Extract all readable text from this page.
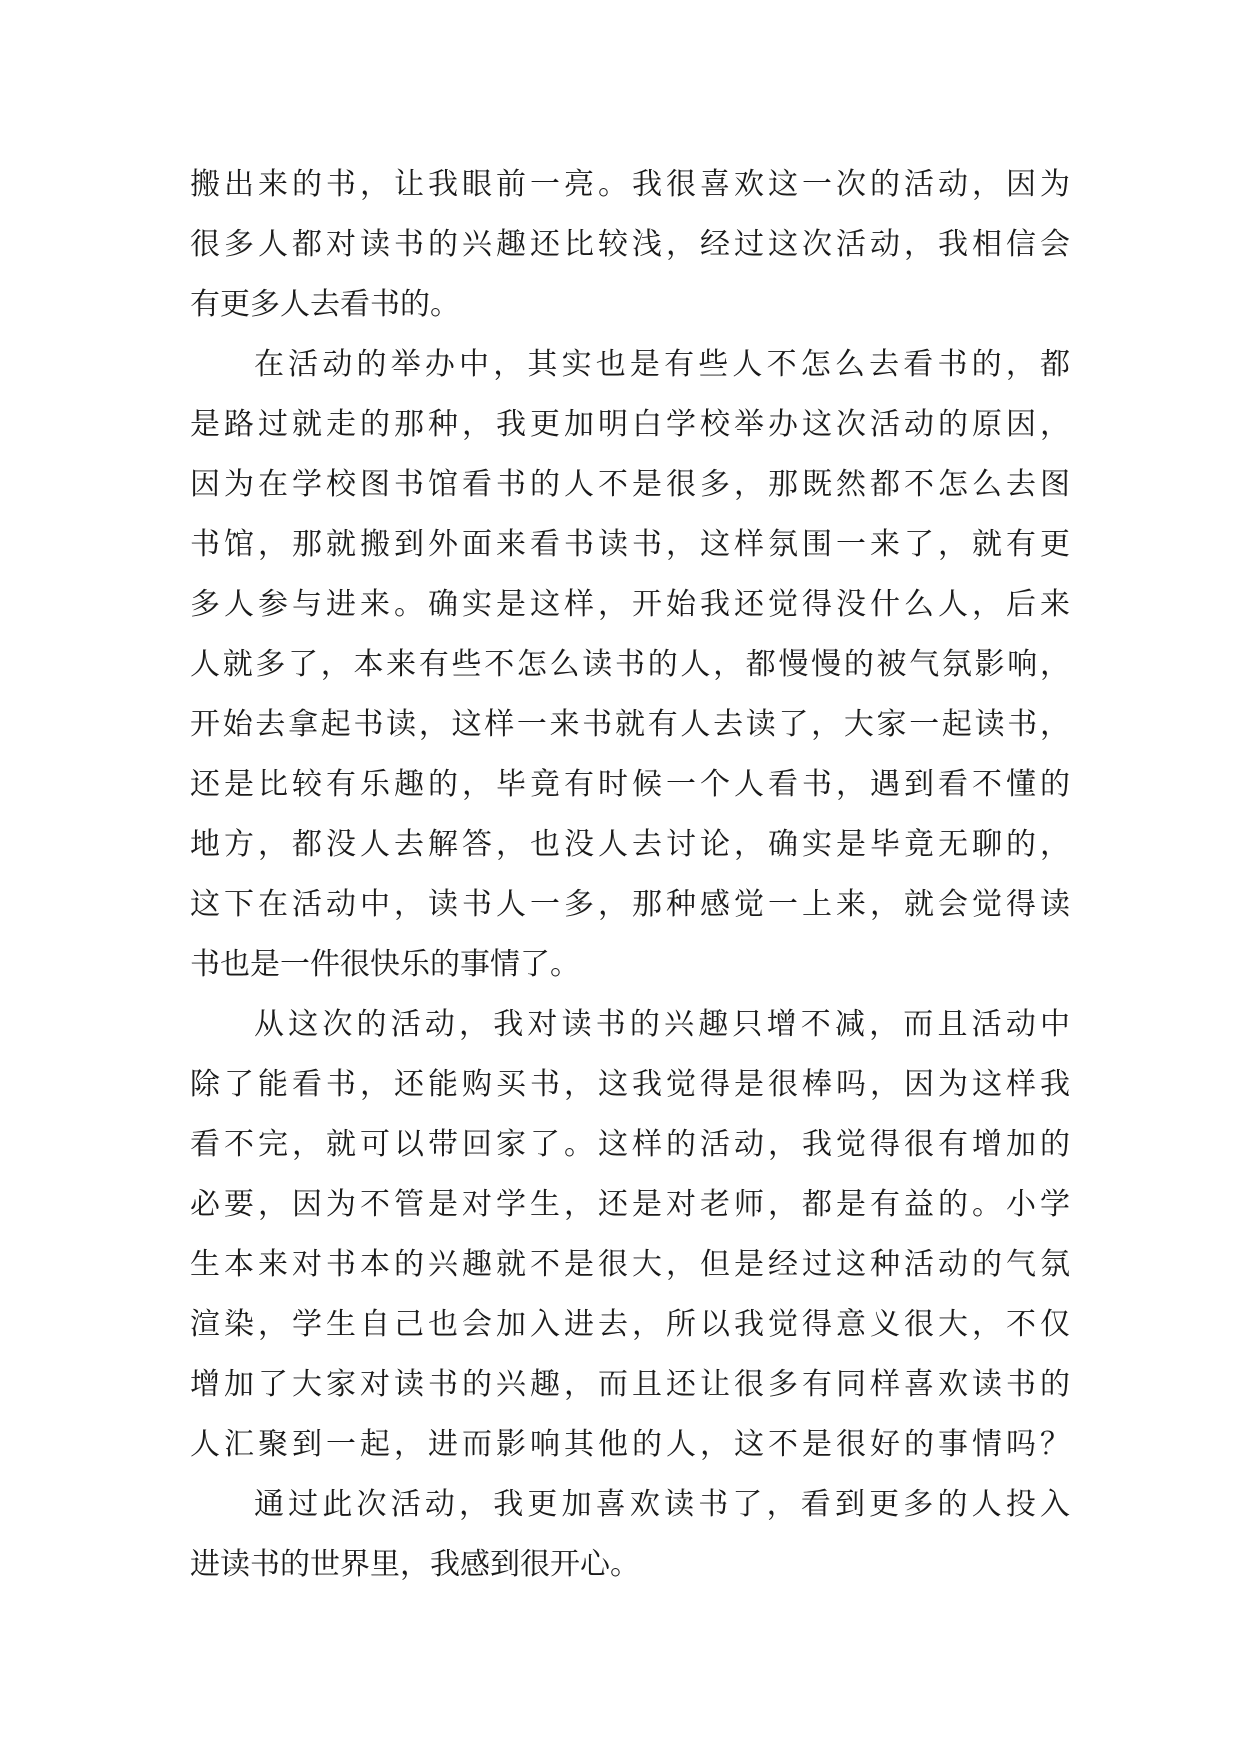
搬出来的书，让我眼前一亮。我很喜欢这一次的活动，因为
很多人都对读书的兴趣还比较浅，经过这次活动，我相信会
有更多人去看书的。
在活动的举办中，其实也是有些人不怎么去看书的，都
是路过就走的那种，我更加明白学校举办这次活动的原因，
因为在学校图书馆看书的人不是很多，那既然都不怎么去图
书馆，那就搬到外面来看书读书，这样氛围一来了，就有更
多人参与进来。确实是这样，开始我还觉得没什么人，后来
人就多了，本来有些不怎么读书的人，都慢慢的被气氛影响，
开始去拿起书读，这样一来书就有人去读了，大家一起读书，
还是比较有乐趣的，毕竟有时候一个人看书，遇到看不懂的
地方，都没人去解答，也没人去讨论，确实是毕竟无聊的，
这下在活动中，读书人一多，那种感觉一上来，就会觉得读
书也是一件很快乐的事情了。
从这次的活动，我对读书的兴趣只增不减，而且活动中
除了能看书，还能购买书，这我觉得是很棒吗，因为这样我
看不完，就可以带回家了。这样的活动，我觉得很有增加的
必要，因为不管是对学生，还是对老师，都是有益的。小学
生本来对书本的兴趣就不是很大，但是经过这种活动的气氛
渲染，学生自己也会加入进去，所以我觉得意义很大，不仅
增加了大家对读书的兴趣，而且还让很多有同样喜欢读书的
人汇聚到一起，进而影响其他的人，这不是很好的事情吗？
通过此次活动，我更加喜欢读书了，看到更多的人投入
进读书的世界里，我感到很开心。
